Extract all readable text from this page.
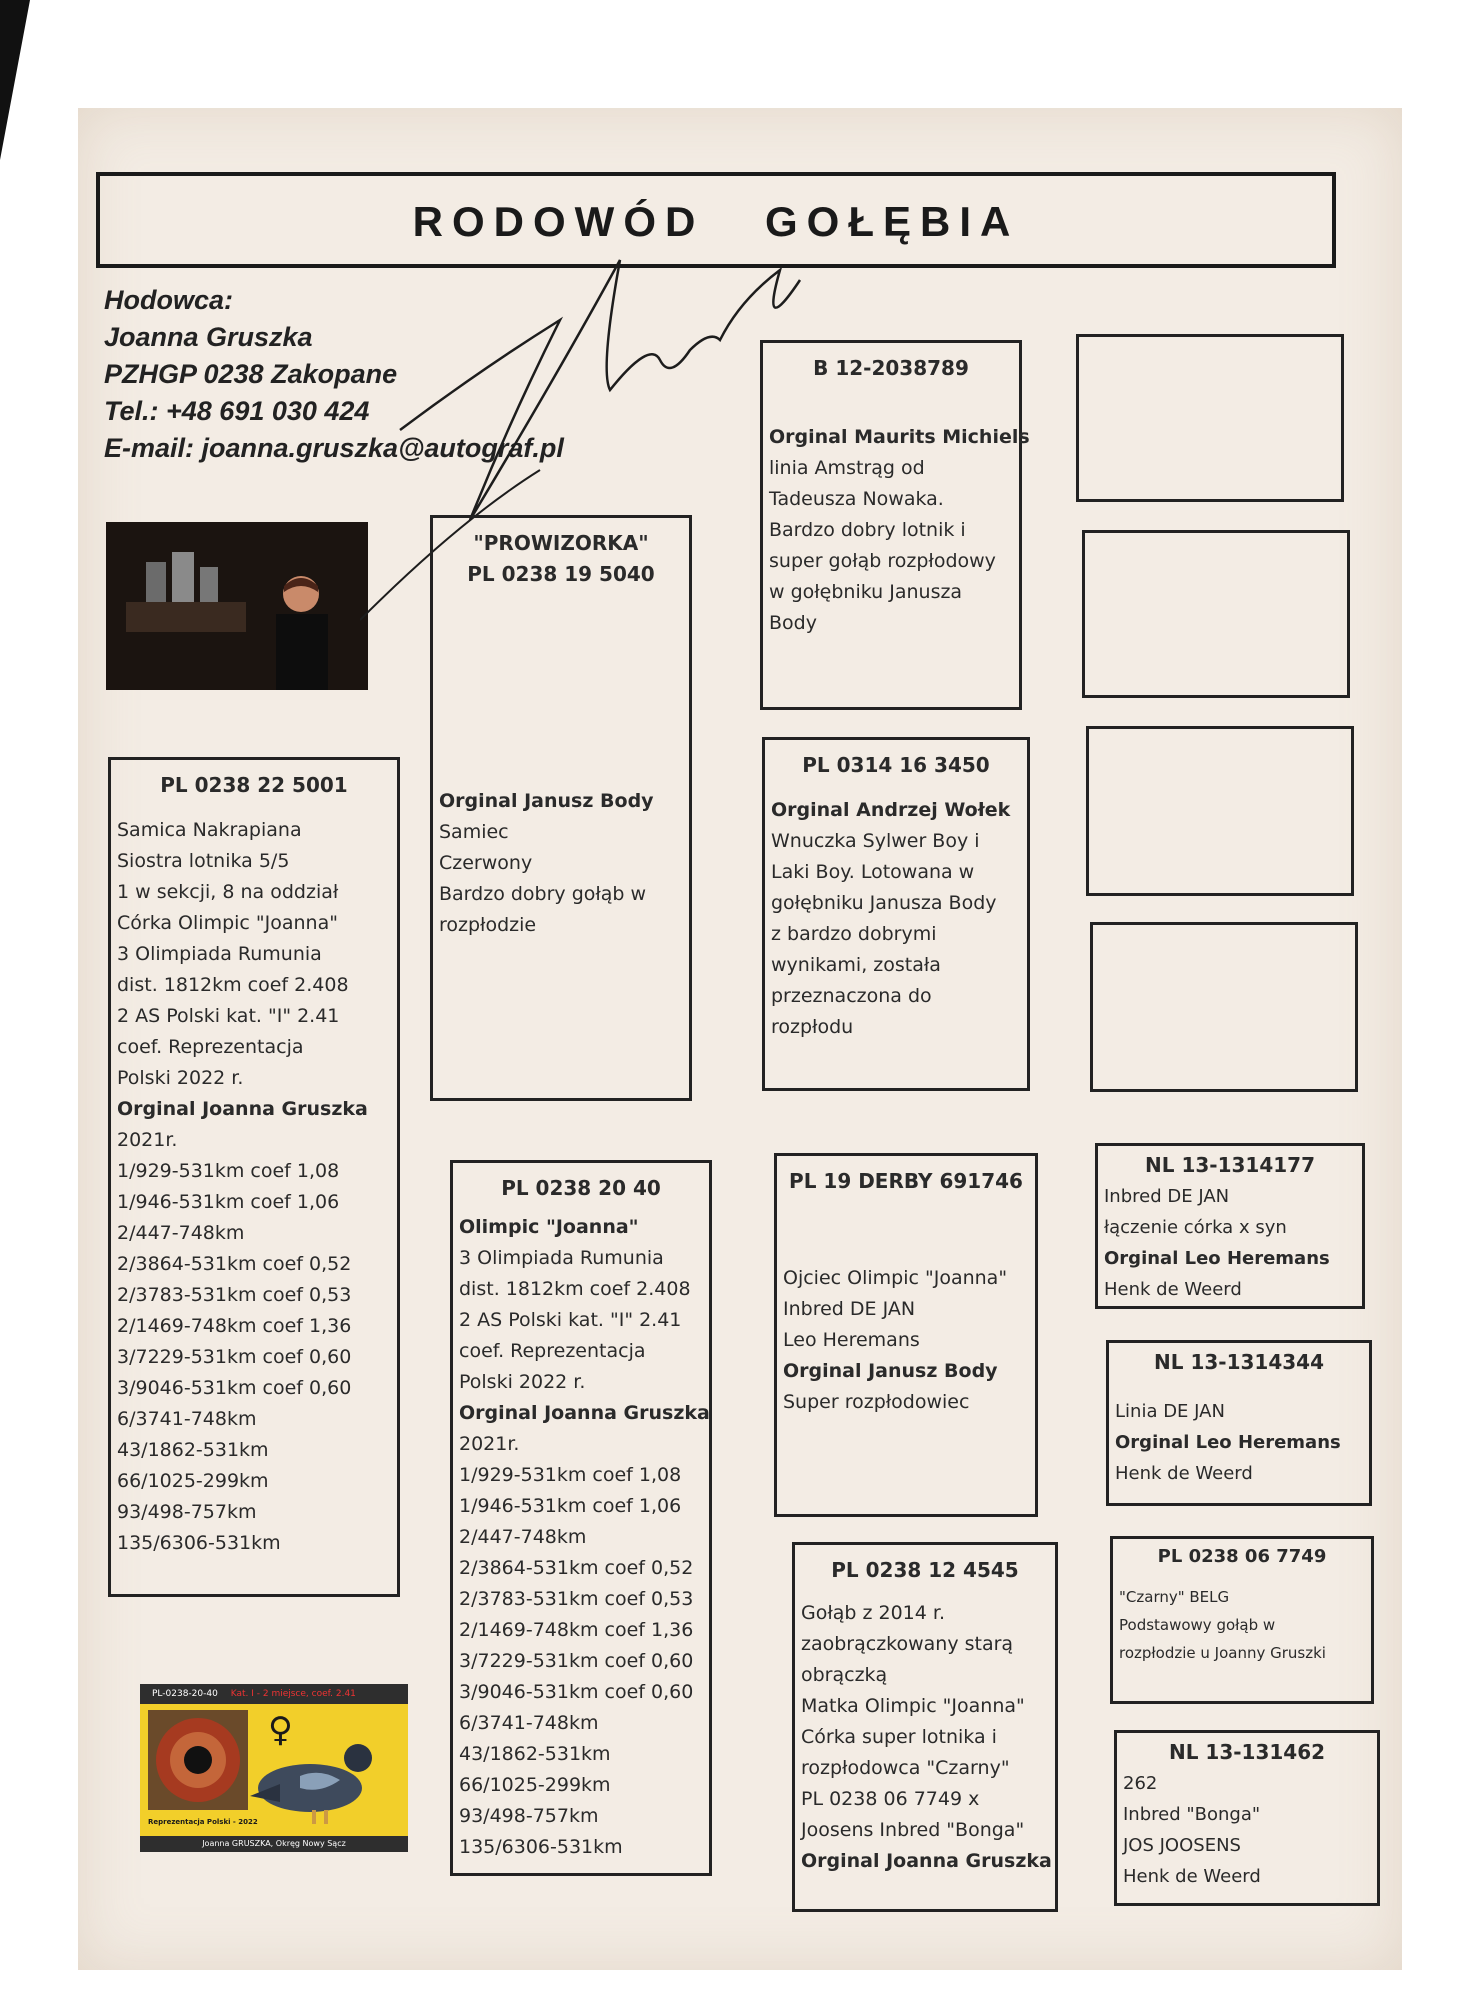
RODOWÓD GOŁĘBIA
Hodowca:
Joanna Gruszka
PZHGP 0238 Zakopane
Tel.: +48 691 030 424
E-mail: joanna.gruszka@autograf.pl
PL 0238 22 5001
Samica Nakrapiana
Siostra lotnika 5/5
1 w sekcji, 8 na oddział
Córka Olimpic "Joanna"
3 Olimpiada Rumunia
dist. 1812km coef 2.408
2 AS Polski kat. "I" 2.41
coef. Reprezentacja
Polski 2022 r.
Orginal Joanna Gruszka
2021r.
1/929-531km coef 1,08
1/946-531km coef 1,06
2/447-748km
2/3864-531km coef 0,52
2/3783-531km coef 0,53
2/1469-748km coef 1,36
3/7229-531km coef 0,60
3/9046-531km coef 0,60
6/3741-748km
43/1862-531km
66/1025-299km
93/498-757km
135/6306-531km
"PROWIZORKA"
PL 0238 19 5040
Orginal Janusz Body
Samiec
Czerwony
Bardzo dobry gołąb w
rozpłodzie
PL 0238 20 40
Olimpic "Joanna"
3 Olimpiada Rumunia
dist. 1812km coef 2.408
2 AS Polski kat. "I" 2.41
coef. Reprezentacja
Polski 2022 r.
Orginal Joanna Gruszka
2021r.
1/929-531km coef 1,08
1/946-531km coef 1,06
2/447-748km
2/3864-531km coef 0,52
2/3783-531km coef 0,53
2/1469-748km coef 1,36
3/7229-531km coef 0,60
3/9046-531km coef 0,60
6/3741-748km
43/1862-531km
66/1025-299km
93/498-757km
135/6306-531km
B 12-2038789
Orginal Maurits Michiels
linia Amstrąg od
Tadeusza Nowaka.
Bardzo dobry lotnik i
super gołąb rozpłodowy
w gołębniku Janusza
Body
PL 0314 16 3450
Orginal Andrzej Wołek
Wnuczka Sylwer Boy i
Laki Boy. Lotowana w
gołębniku Janusza Body
z bardzo dobrymi
wynikami, została
przeznaczona do
rozpłodu
PL 19 DERBY 691746
Ojciec Olimpic "Joanna"
Inbred DE JAN
Leo Heremans
Orginal Janusz Body
Super rozpłodowiec
PL 0238 12 4545
Gołąb z 2014 r.
zaobrączkowany starą
obrączką
Matka Olimpic "Joanna"
Córka super lotnika i
rozpłodowca "Czarny"
PL 0238 06 7749 x
Joosens Inbred "Bonga"
Orginal Joanna Gruszka
NL 13-1314177
Inbred DE JAN
łączenie córka x syn
Orginal Leo Heremans
Henk de Weerd
NL 13-1314344
Linia DE JAN
Orginal Leo Heremans
Henk de Weerd
PL 0238 06 7749
"Czarny" BELG
Podstawowy gołąb w
rozpłodzie u Joanny Gruszki
NL 13-131462
262
Inbred "Bonga"
JOS JOOSENS
Henk de Weerd
PL-0238-20-40 Kat. I - 2 miejsce, coef. 2.41
♀
Reprezentacja Polski - 2022
Joanna GRUSZKA, Okręg Nowy Sącz
